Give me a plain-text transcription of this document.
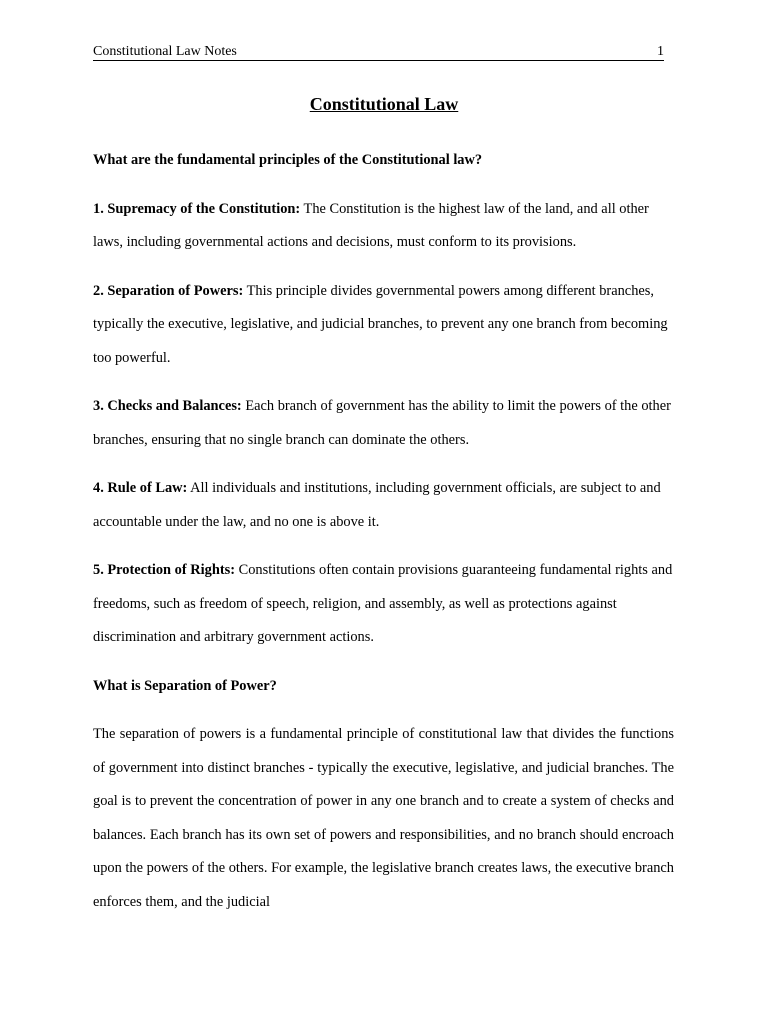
Constitutional Law Notes	1
Constitutional Law

What are the fundamental principles of the Constitutional law?

1. Supremacy of the Constitution: The Constitution is the highest law of the land, and all other laws, including governmental actions and decisions, must conform to its provisions.

2. Separation of Powers: This principle divides governmental powers among different branches, typically the executive, legislative, and judicial branches, to prevent any one branch from becoming too powerful.

3. Checks and Balances: Each branch of government has the ability to limit the powers of the other branches, ensuring that no single branch can dominate the others.

4. Rule of Law: All individuals and institutions, including government officials, are subject to and accountable under the law, and no one is above it.

5. Protection of Rights: Constitutions often contain provisions guaranteeing fundamental rights and freedoms, such as freedom of speech, religion, and assembly, as well as protections against discrimination and arbitrary government actions.

What is Separation of Power?

The separation of powers is a fundamental principle of constitutional law that divides the functions of government into distinct branches - typically the executive, legislative, and judicial branches. The goal is to prevent the concentration of power in any one branch and to create a system of checks and balances. Each branch has its own set of powers and responsibilities, and no branch should encroach upon the powers of the others. For example, the legislative branch creates laws, the executive branch enforces them, and the judicial
